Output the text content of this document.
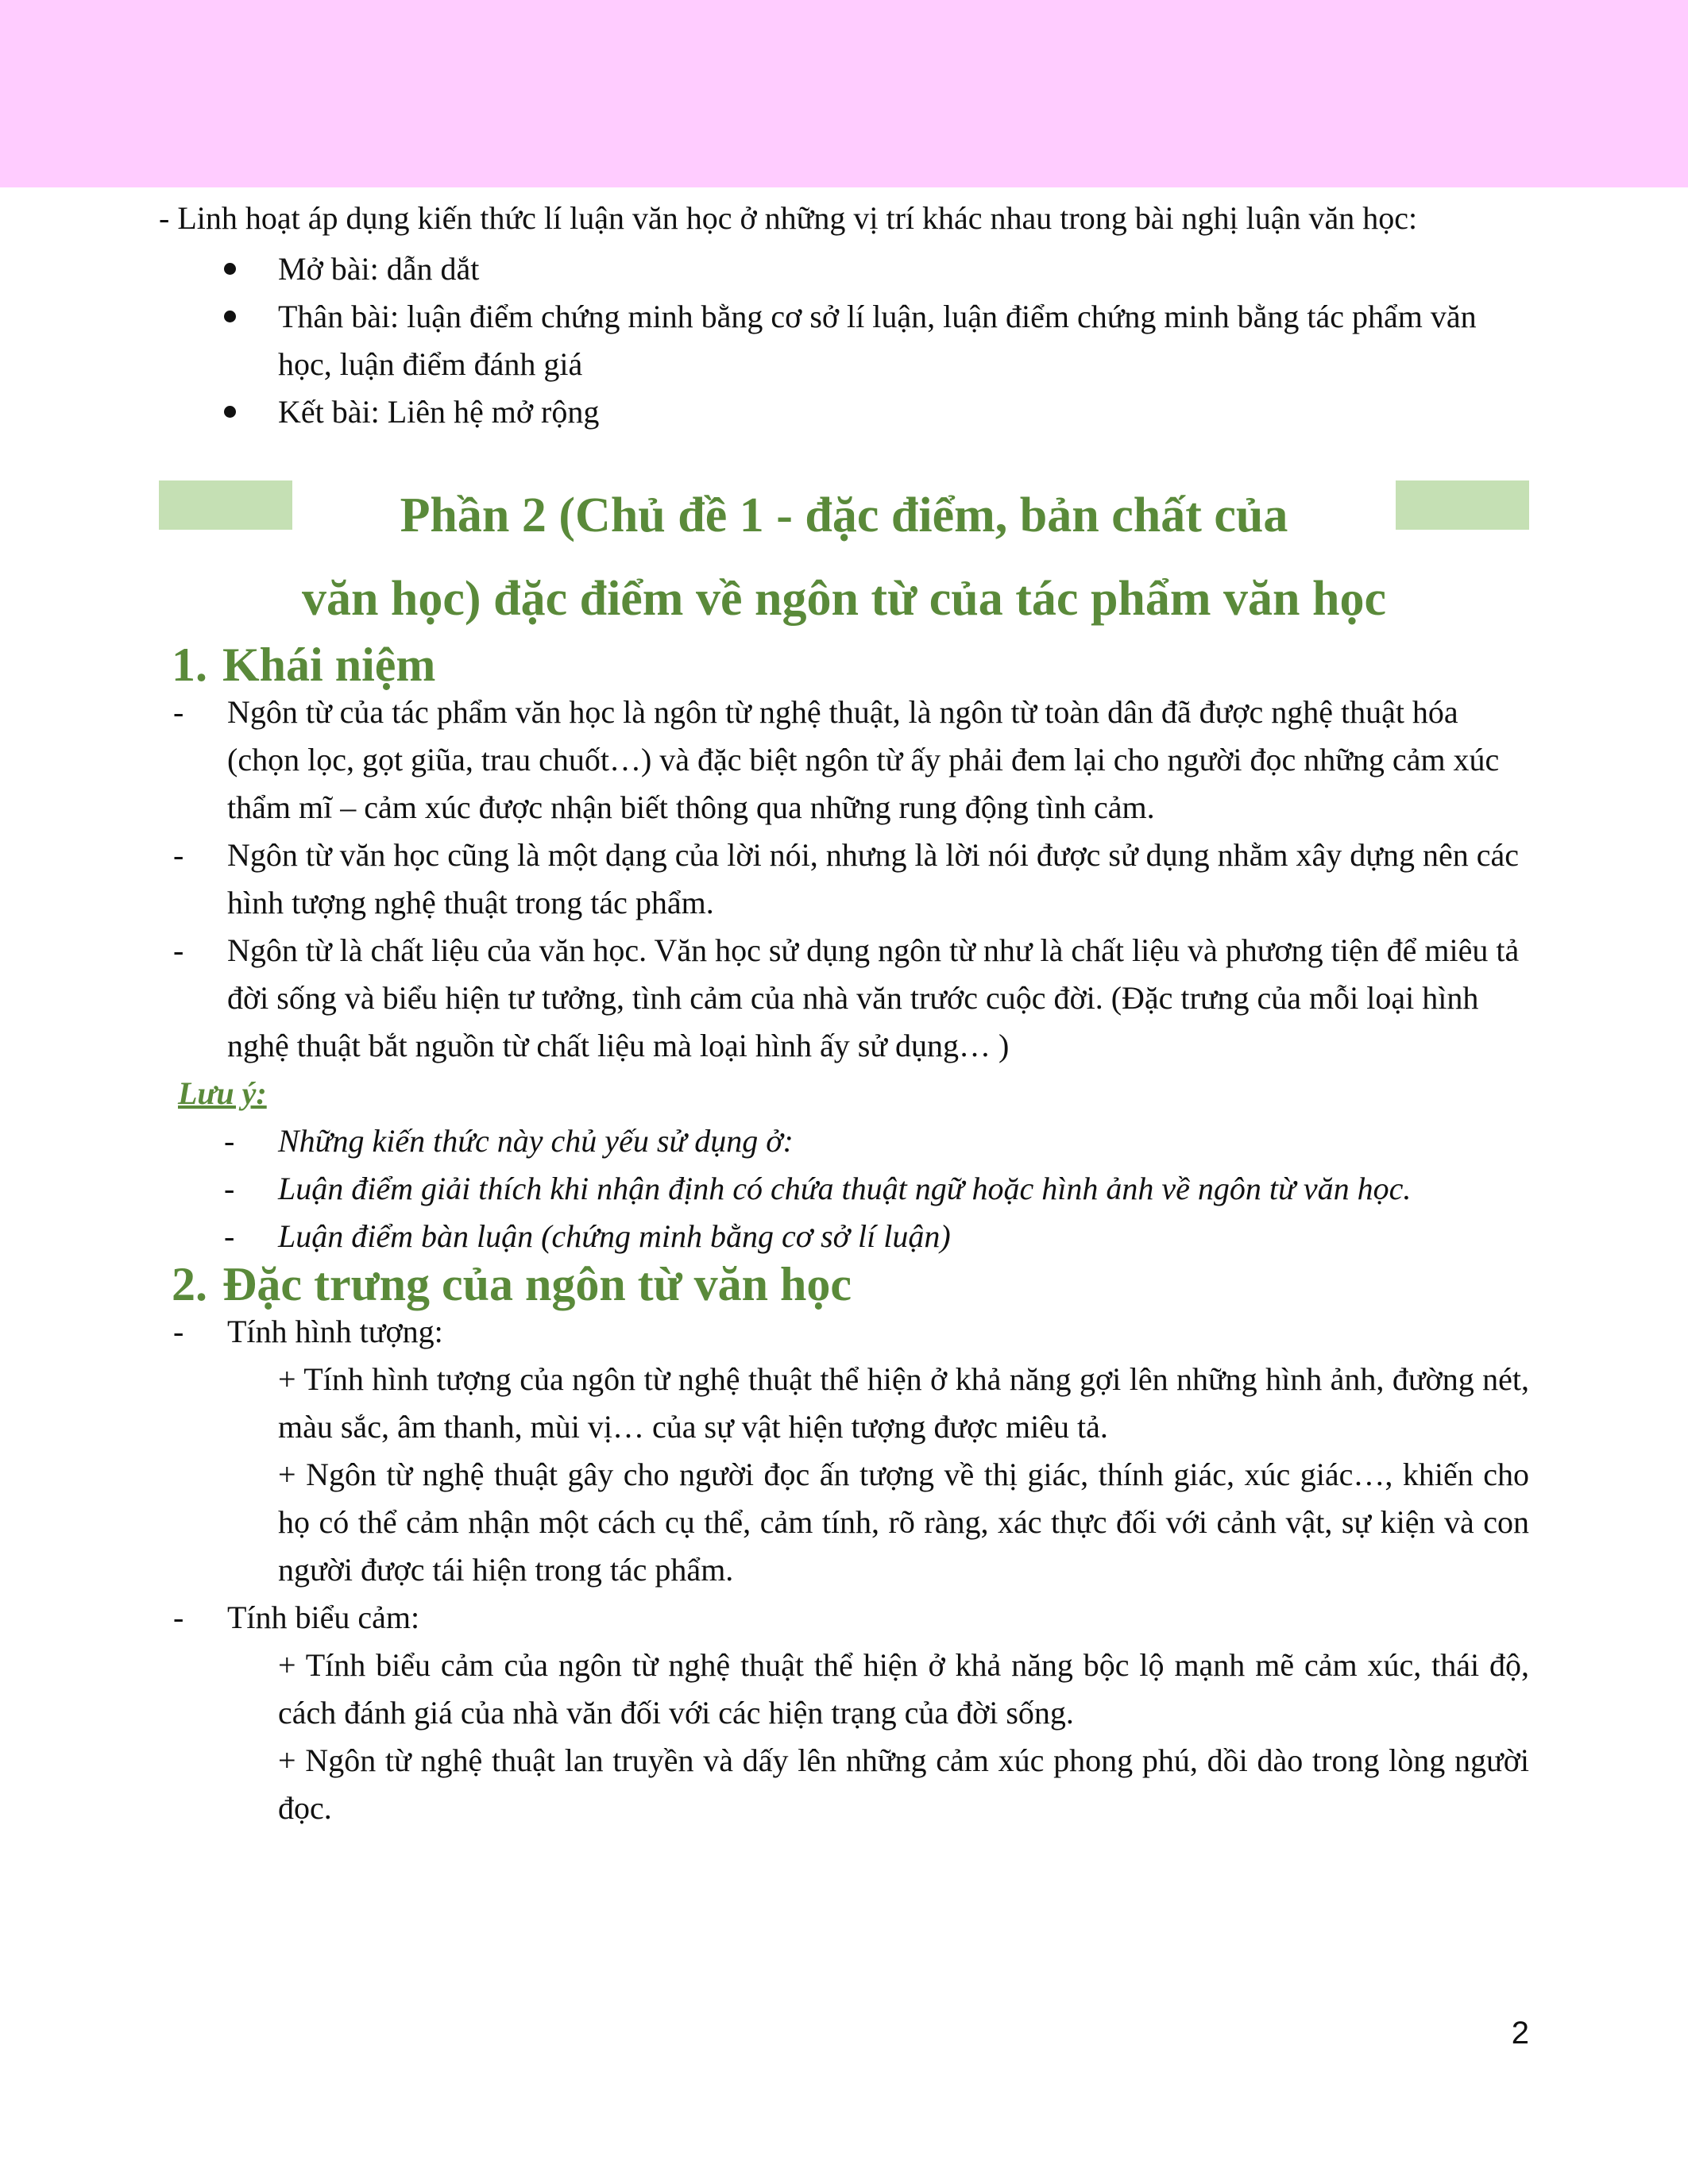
- Linh hoạt áp dụng kiến thức lí luận văn học ở những vị trí khác nhau trong bài nghị luận văn học:

Mở bài: dẫn dắt
Thân bài: luận điểm chứng minh bằng cơ sở lí luận, luận điểm chứng minh bằng tác phẩm văn học, luận điểm đánh giá
Kết bài: Liên hệ mở rộng
Phần 2 (Chủ đề 1 - đặc điểm, bản chất của
văn học) đặc điểm về ngôn từ của tác phẩm văn học
1. Khái niệm
- Ngôn từ của tác phẩm văn học là ngôn từ nghệ thuật, là ngôn từ toàn dân đã được nghệ thuật hóa (chọn lọc, gọt giũa, trau chuốt…) và đặc biệt ngôn từ ấy phải đem lại cho người đọc những cảm xúc thẩm mĩ – cảm xúc được nhận biết thông qua những rung động tình cảm.
- Ngôn từ văn học cũng là một dạng của lời nói, nhưng là lời nói được sử dụng nhằm xây dựng nên các hình tượng nghệ thuật trong tác phẩm.
- Ngôn từ là chất liệu của văn học. Văn học sử dụng ngôn từ như là chất liệu và phương tiện để miêu tả đời sống và biểu hiện tư tưởng, tình cảm của nhà văn trước cuộc đời. (Đặc trưng của mỗi loại hình nghệ thuật bắt nguồn từ chất liệu mà loại hình ấy sử dụng… )
Lưu ý:
- Những kiến thức này chủ yếu sử dụng ở:
- Luận điểm giải thích khi nhận định có chứa thuật ngữ hoặc hình ảnh về ngôn từ văn học.
- Luận điểm bàn luận (chứng minh bằng cơ sở lí luận)
2. Đặc trưng của ngôn từ văn học
- Tính hình tượng:
+ Tính hình tượng của ngôn từ nghệ thuật thể hiện ở khả năng gợi lên những hình ảnh, đường nét, màu sắc, âm thanh, mùi vị… của sự vật hiện tượng được miêu tả.
+ Ngôn từ nghệ thuật gây cho người đọc ấn tượng về thị giác, thính giác, xúc giác…, khiến cho họ có thể cảm nhận một cách cụ thể, cảm tính, rõ ràng, xác thực đối với cảnh vật, sự kiện và con người được tái hiện trong tác phẩm.
- Tính biểu cảm:
+ Tính biểu cảm của ngôn từ nghệ thuật thể hiện ở khả năng bộc lộ mạnh mẽ cảm xúc, thái độ, cách đánh giá của nhà văn đối với các hiện trạng của đời sống.
+ Ngôn từ nghệ thuật lan truyền và dấy lên những cảm xúc phong phú, dồi dào trong lòng người đọc.
2
